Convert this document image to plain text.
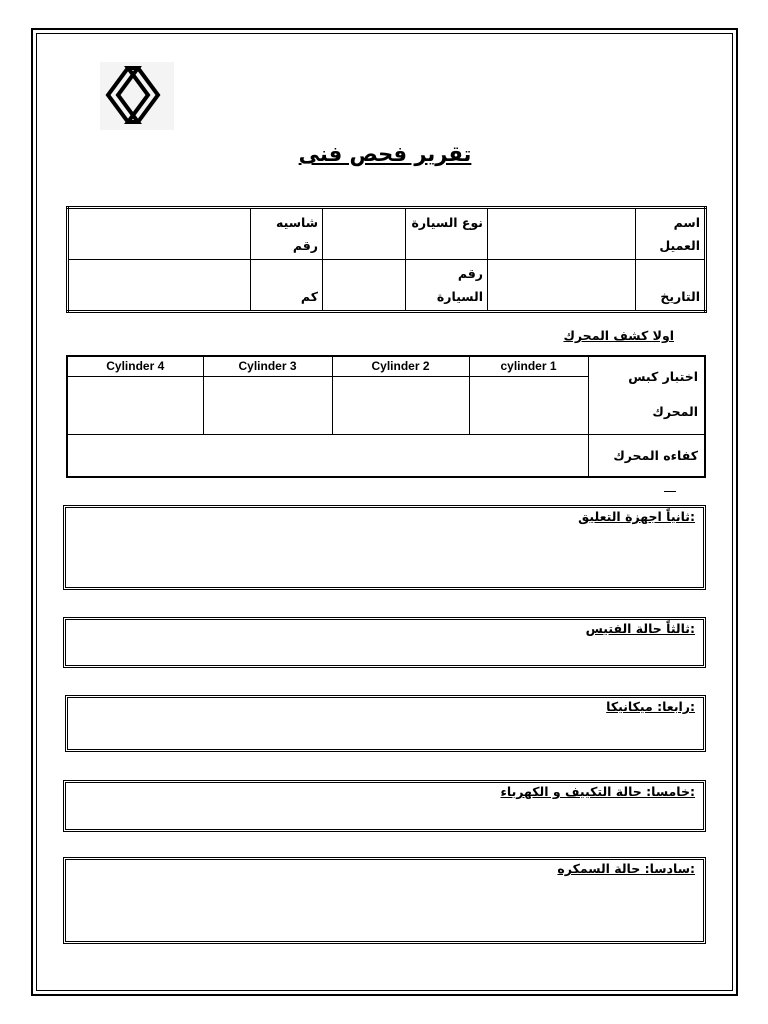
تقرير فحص فنى
اسم العميل		نوع السيارة		شاسيه رقم	
التاريخ		رقم السيارة		كم	
اولا كشف المحرك
اختبار كبس المحرك	cylinder 1	Cylinder 2	Cylinder 3	Cylinder 4

كفاءه المحرك				
:ثانياً اجهزة التعليق
:ثالثاً حالة الفتيس
:رابعا: ميكانيكا
:خامسا: حالة التكييف و الكهرباء
:سادسا: حالة السمكره
